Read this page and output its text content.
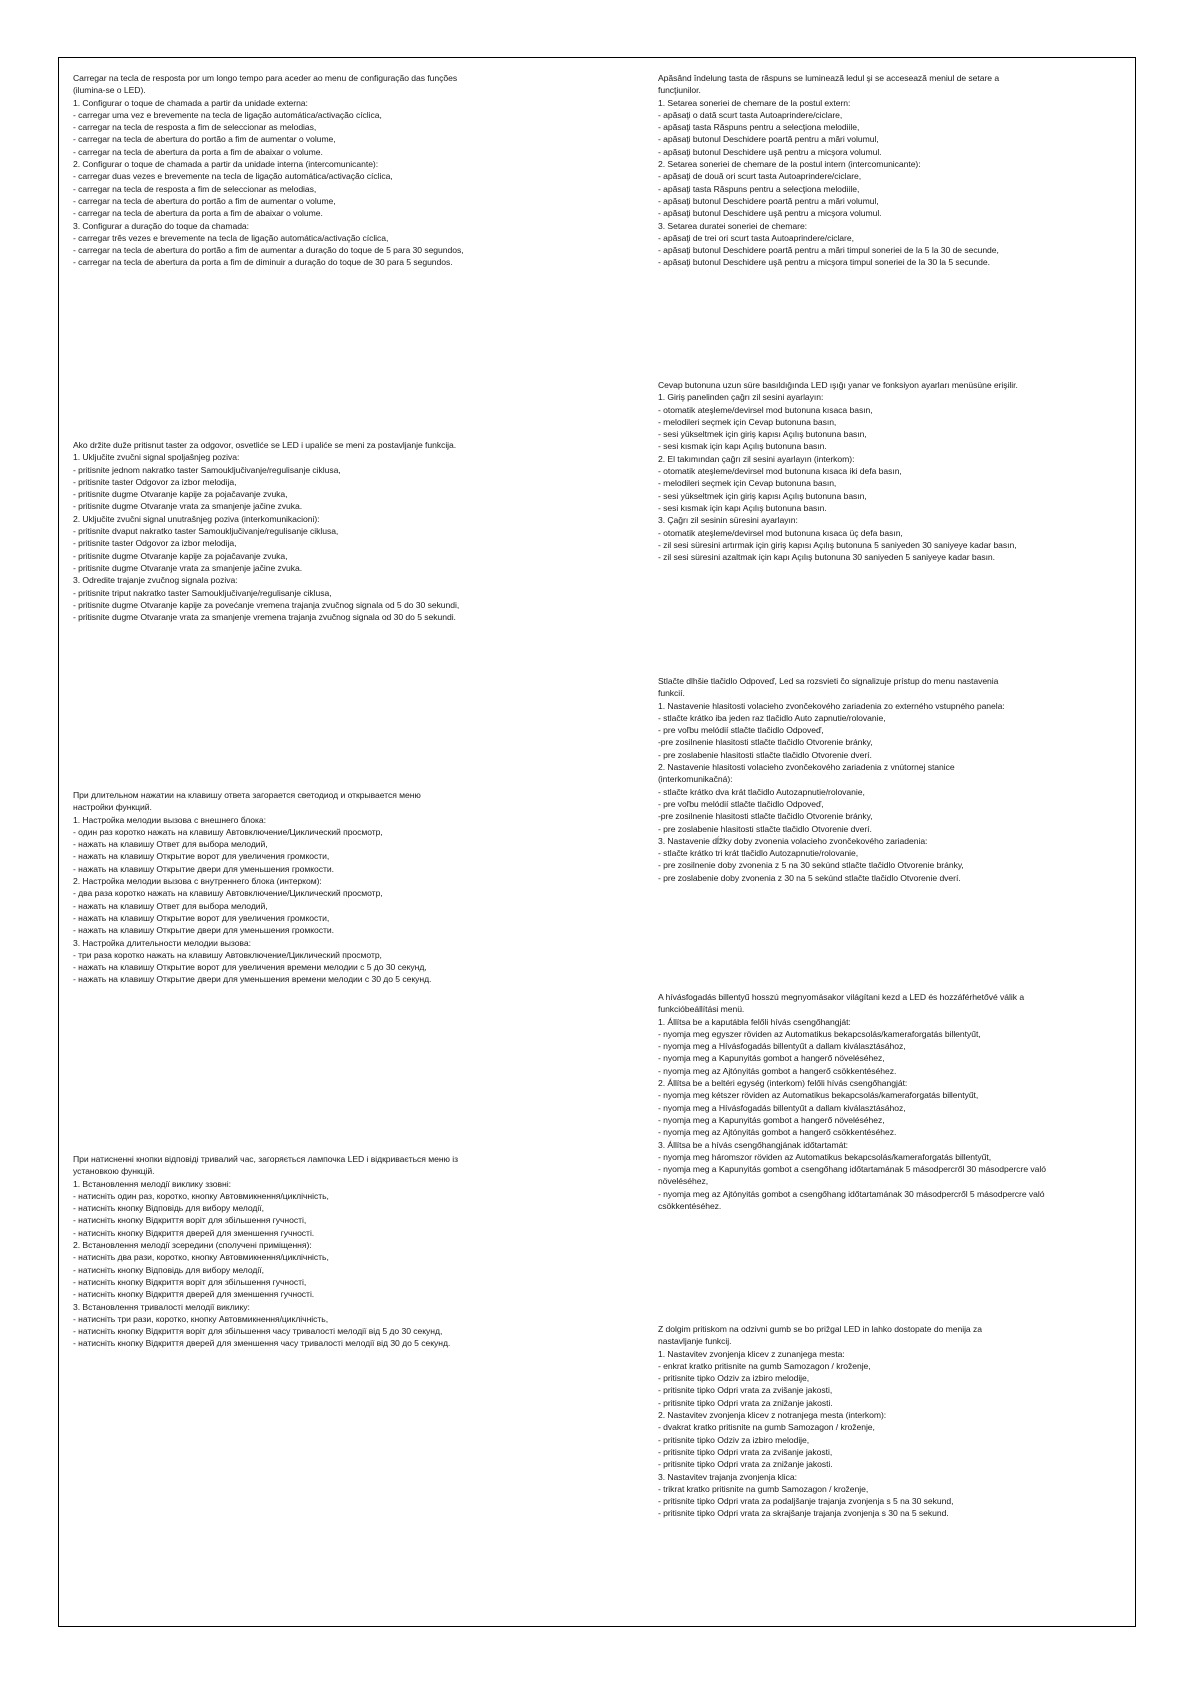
Carregar na tecla de resposta por um longo tempo para aceder ao menu de configuração das funções

(ilumina-se o LED).

1. Configurar o toque de chamada a partir da unidade externa:

- carregar uma vez e brevemente na tecla de ligação automática/activação cíclica,

- carregar na tecla de resposta a fim de seleccionar as melodias,

- carregar na tecla de abertura do portão a fim de aumentar o volume,

- carregar na tecla de abertura da porta a fim de abaixar o volume.

2. Configurar o toque de chamada a partir da unidade interna (intercomunicante):

- carregar duas vezes e brevemente na tecla de ligação automática/activação cíclica,

- carregar na tecla de resposta a fim de seleccionar as melodias,

- carregar na tecla de abertura do portão a fim de aumentar o volume,

- carregar na tecla de abertura da porta a fim de abaixar o volume.

3. Configurar a duração do toque da chamada:

- carregar três vezes e brevemente na tecla de ligação automática/activação cíclica,

- carregar na tecla de abertura do portão a fim de aumentar a duração do toque de 5 para 30 segundos,

- carregar na tecla de abertura da porta a fim de diminuir a duração do toque de 30 para 5 segundos.

Apăsând îndelung tasta de răspuns se luminează ledul şi se accesează meniul de setare a

funcţiunilor.

1. Setarea soneriei de chemare de la postul extern:

- apăsaţi o dată scurt tasta Autoaprindere/ciclare,

- apăsaţi tasta Răspuns pentru a selecţiona melodiile,

- apăsaţi butonul Deschidere poartă pentru a mări volumul,

- apăsaţi butonul Deschidere uşă pentru a micşora volumul.

2. Setarea soneriei de chemare de la postul intern (intercomunicante):

- apăsaţi de două ori scurt tasta Autoaprindere/ciclare,

- apăsaţi tasta Răspuns pentru a selecţiona melodiile,

- apăsaţi butonul Deschidere poartă pentru a mări volumul,

- apăsaţi butonul Deschidere uşă pentru a micşora volumul.

3. Setarea duratei soneriei de chemare:

- apăsaţi de trei ori scurt tasta Autoaprindere/ciclare,

- apăsaţi butonul Deschidere poartă pentru a mări timpul soneriei de la 5 la 30 de secunde,

- apăsaţi butonul Deschidere uşă pentru a micşora timpul soneriei de la 30 la 5 secunde.

Cevap butonuna uzun süre basıldığında LED ışığı yanar ve fonksiyon ayarları menüsüne erişilir.

1. Giriş panelinden çağrı zil sesini ayarlayın:

- otomatik ateşleme/devirsel mod butonuna kısaca basın,

- melodileri seçmek için Cevap butonuna basın,

- sesi yükseltmek için giriş kapısı Açılış butonuna basın,

- sesi kısmak için kapı Açılış butonuna basın.

2. El takımından çağrı zil sesini ayarlayın (interkom):

- otomatik ateşleme/devirsel mod butonuna kısaca iki defa basın,

- melodileri seçmek için Cevap butonuna basın,

- sesi yükseltmek için giriş kapısı Açılış butonuna basın,

- sesi kısmak için kapı Açılış butonuna basın.

3. Çağrı zil sesinin süresini ayarlayın:

- otomatik ateşleme/devirsel mod butonuna kısaca üç defa basın,

- zil sesi süresini artırmak için giriş kapısı Açılış butonuna 5 saniyeden 30 saniyeye kadar basın,

- zil sesi süresini azaltmak için kapı Açılış butonuna 30 saniyeden 5 saniyeye kadar basın.

Ako držite duže pritisnut taster za odgovor, osvetliće se LED i upaliće se meni za postavljanje funkcija.

1. Uključite zvučni signal spoljašnjeg poziva:

- pritisnite jednom nakratko taster Samouključivanje/regulisanje ciklusa,

- pritisnite taster Odgovor za izbor melodija,

- pritisnite dugme Otvaranje kapije za pojačavanje zvuka,

- pritisnite dugme Otvaranje vrata za smanjenje jačine zvuka.

2. Uključite zvučni signal unutrašnjeg poziva (interkomunikacioni):

- pritisnite dvaput nakratko taster Samouključivanje/regulisanje ciklusa,

- pritisnite taster Odgovor za izbor melodija,

- pritisnite dugme Otvaranje kapije za pojačavanje zvuka,

- pritisnite dugme Otvaranje vrata za smanjenje jačine zvuka.

3. Odredite trajanje zvučnog signala poziva:

- pritisnite triput nakratko taster Samouključivanje/regulisanje ciklusa,

- pritisnite dugme Otvaranje kapije za povećanje vremena trajanja zvučnog signala od 5 do 30 sekundi,

- pritisnite dugme Otvaranje vrata za smanjenje vremena trajanja zvučnog signala od 30 do 5 sekundi.

Stlačte dlhšie tlačidlo Odpoveď, Led sa rozsvieti čo signalizuje prístup do menu nastavenia

funkcií.

1. Nastavenie hlasitosti volacieho zvončekového zariadenia zo externého vstupného panela:

- stlačte krátko iba jeden raz tlačidlo Auto zapnutie/rolovanie,

- pre voľbu melódií stlačte tlačidlo Odpoveď,

-pre zosilnenie hlasitosti stlačte tlačidlo Otvorenie bránky,

- pre zoslabenie hlasitosti stlačte tlačidlo Otvorenie dverí.

2. Nastavenie hlasitosti volacieho zvončekového zariadenia z vnútornej stanice

(interkomunikačná):

- stlačte krátko dva krát tlačidlo Autozapnutie/rolovanie,

- pre voľbu melódií stlačte tlačidlo Odpoveď,

-pre zosilnenie hlasitosti stlačte tlačidlo Otvorenie bránky,

- pre zoslabenie hlasitosti stlačte tlačidlo Otvorenie dverí.

3. Nastavenie dĺžky doby zvonenia volacieho zvončekového zariadenia:

- stlačte krátko tri krát tlačidlo Autozapnutie/rolovanie,

- pre zosilnenie doby zvonenia z 5 na 30 sekúnd stlačte tlačidlo Otvorenie bránky,

- pre zoslabenie doby zvonenia z 30 na 5 sekúnd stlačte tlačidlo Otvorenie dverí.

При длительном нажатии на клавишу ответа загорается светодиод и открывается меню

настройки функций.

1. Настройка мелодии вызова с внешнего блока:

- один раз коротко нажать на клавишу Автовключение/Циклический просмотр,

- нажать на клавишу Ответ для выбора мелодий,

- нажать на клавишу Открытие ворот для увеличения громкости,

- нажать на клавишу Открытие двери для уменьшения громкости.

2. Настройка мелодии вызова с внутреннего блока (интерком):

- два раза коротко нажать на клавишу Автовключение/Циклический просмотр,

- нажать на клавишу Ответ для выбора мелодий,

- нажать на клавишу Открытие ворот для увеличения громкости,

- нажать на клавишу Открытие двери для уменьшения громкости.

3. Настройка длительности мелодии вызова:

- три раза коротко нажать на клавишу Автовключение/Циклический просмотр,

- нажать на клавишу Открытие ворот для увеличения времени мелодии с 5 до 30 секунд,

- нажать на клавишу Открытие двери для уменьшения времени мелодии с 30 до 5 секунд.

A hívásfogadás billentyű hosszú megnyomásakor világítani kezd a LED és hozzáférhetővé válik a

funkcióbeállítási menü.

1. Állítsa be a kaputábla felőli hívás csengőhangját:

- nyomja meg egyszer röviden az Automatikus bekapcsolás/kameraforgatás billentyűt,

- nyomja meg a Hívásfogadás billentyűt a dallam kiválasztásához,

- nyomja meg a Kapunyitás gombot a hangerő növeléséhez,

- nyomja meg az Ajtónyitás gombot a hangerő csökkentéséhez.

2. Állítsa be a beltéri egység (interkom) felőli hívás csengőhangját:

- nyomja meg kétszer röviden az Automatikus bekapcsolás/kameraforgatás billentyűt,

- nyomja meg a Hívásfogadás billentyűt a dallam kiválasztásához,

- nyomja meg a Kapunyitás gombot a hangerő növeléséhez,

- nyomja meg az Ajtónyitás gombot a hangerő csökkentéséhez.

3. Állítsa be a hívás csengőhangjának időtartamát:

- nyomja meg háromszor röviden az Automatikus bekapcsolás/kameraforgatás billentyűt,

- nyomja meg a Kapunyitás gombot a csengőhang időtartamának 5 másodpercről 30 másodpercre való

növeléséhez,

- nyomja meg az Ajtónyitás gombot a csengőhang időtartamának 30 másodpercről 5 másodpercre való

csökkentéséhez.

При натисненні кнопки відповіді тривалий час, загоряється лампочка LED і відкривається меню із

установкою функцій.

1. Встановлення мелодії виклику ззовні:

- натисніть один раз, коротко, кнопку Автовмикнення/циклічність,

- натисніть кнопку Відповідь для вибору мелодії,

- натисніть кнопку Відкриття воріт для збільшення гучності,

- натисніть кнопку Відкриття дверей для зменшення гучності.

2. Встановлення мелодії зсередини (сполучені приміщення):

- натисніть два рази, коротко, кнопку Автовмикнення/циклічність,

- натисніть кнопку Відповідь для вибору мелодії,

- натисніть кнопку Відкриття воріт для збільшення гучності,

- натисніть кнопку Відкриття дверей для зменшення гучності.

3. Встановлення тривалості мелодії виклику:

- натисніть три рази, коротко, кнопку Автовмикнення/циклічність,

- натисніть кнопку Відкриття воріт для збільшення часу тривалості мелодії від 5 до 30 секунд,

- натисніть кнопку Відкриття дверей для зменшення часу тривалості мелодії від 30 до 5 секунд.

Z dolgim pritiskom na odzivni gumb se bo prižgal LED in lahko dostopate do menija za

nastavljanje funkcij.

1. Nastavitev zvonjenja klicev z zunanjega mesta:

- enkrat kratko pritisnite na gumb Samozagon / kroženje,

- pritisnite tipko Odziv za izbiro melodije,

- pritisnite tipko Odpri vrata za zvišanje jakosti,

- pritisnite tipko Odpri vrata za znižanje jakosti.

2. Nastavitev zvonjenja klicev z notranjega mesta (interkom):

- dvakrat kratko pritisnite na gumb Samozagon / kroženje,

- pritisnite tipko Odziv za izbiro melodije,

- pritisnite tipko Odpri vrata za zvišanje jakosti,

- pritisnite tipko Odpri vrata za znižanje jakosti.

3. Nastavitev trajanja zvonjenja klica:

- trikrat kratko pritisnite na gumb Samozagon / kroženje,

- pritisnite tipko Odpri vrata za podaljšanje trajanja zvonjenja s 5 na 30 sekund,

- pritisnite tipko Odpri vrata za skrajšanje trajanja zvonjenja s 30 na 5 sekund.
